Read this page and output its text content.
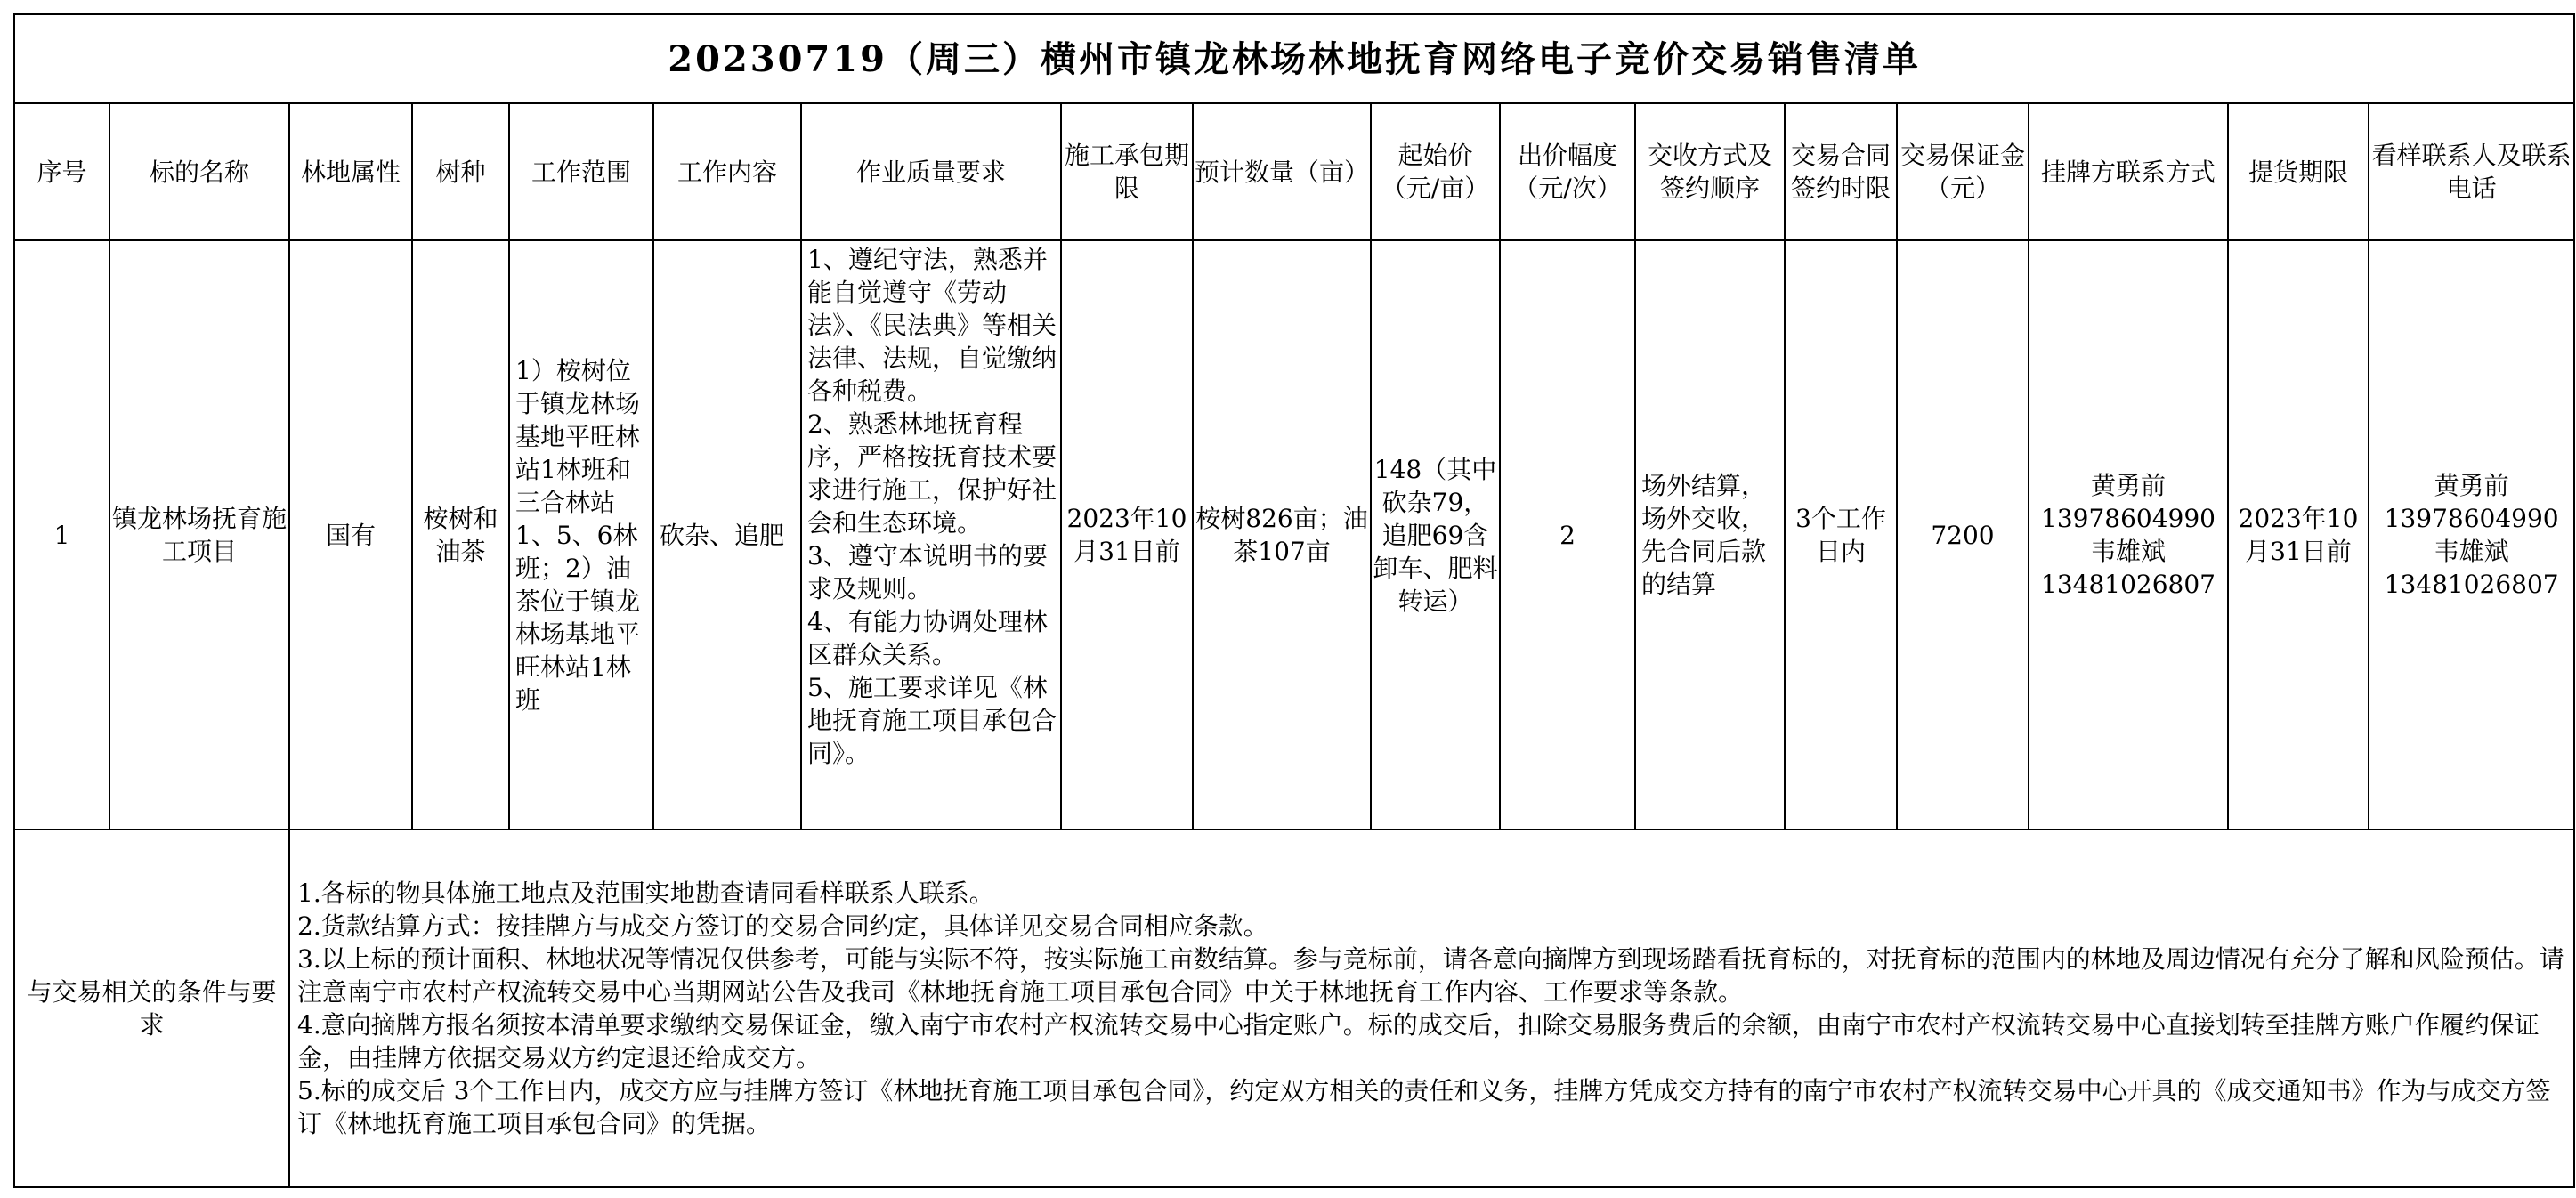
20230719（周三）横州市镇龙林场林地抚育网络电子竞价交易销售清单																
序号	标的名称	林地属性	树种	工作范围	工作内容	作业质量要求	施工承包期限	预计数量（亩）	起始价（元/亩）	出价幅度（元/次）	交收方式及签约顺序	交易合同签约时限	交易保证金（元）	挂牌方联系方式	提货期限	看样联系人及联系电话
1	镇龙林场抚育施工项目	国有	桉树和油茶	1）桉树位于镇龙林场基地平旺林站1林班和三合林站1、5、6林班；2）油茶位于镇龙林场基地平旺林站1林班	砍杂、追肥	1、遵纪守法，熟悉并能自觉遵守《劳动法》、《民法典》等相关法律、法规，自觉缴纳各种税费。
2、熟悉林地抚育程序，严格按抚育技术要求进行施工，保护好社会和生态环境。
3、遵守本说明书的要求及规则。
4、有能力协调处理林区群众关系。
5、施工要求详见《林地抚育施工项目承包合同》。	2023年10月31日前	桉树826亩；油茶107亩	148（其中砍杂79，追肥69含卸车、肥料转运）	2	场外结算，场外交收，先合同后款的结算	3个工作日内	7200	黄勇前
13978604990
韦雄斌
13481026807	2023年10月31日前	黄勇前
13978604990
韦雄斌
13481026807

与交易相关的条件与要求		1.各标的物具体施工地点及范围实地勘查请同看样联系人联系。
2.货款结算方式：按挂牌方与成交方签订的交易合同约定，具体详见交易合同相应条款。
3.以上标的预计面积、林地状况等情况仅供参考，可能与实际不符，按实际施工亩数结算。参与竞标前，请各意向摘牌方到现场踏看抚育标的，对抚育标的范围内的林地及周边情况有充分了解和风险预估。请注意南宁市农村产权流转交易中心当期网站公告及我司《林地抚育施工项目承包合同》中关于林地抚育工作内容、工作要求等条款。
4.意向摘牌方报名须按本清单要求缴纳交易保证金，缴入南宁市农村产权流转交易中心指定账户。标的成交后，扣除交易服务费后的余额，由南宁市农村产权流转交易中心直接划转至挂牌方账户作履约保证金，由挂牌方依据交易双方约定退还给成交方。
5.标的成交后 3个工作日内，成交方应与挂牌方签订《林地抚育施工项目承包合同》，约定双方相关的责任和义务，挂牌方凭成交方持有的南宁市农村产权流转交易中心开具的《成交通知书》作为与成交方签订《林地抚育施工项目承包合同》的凭据。														
